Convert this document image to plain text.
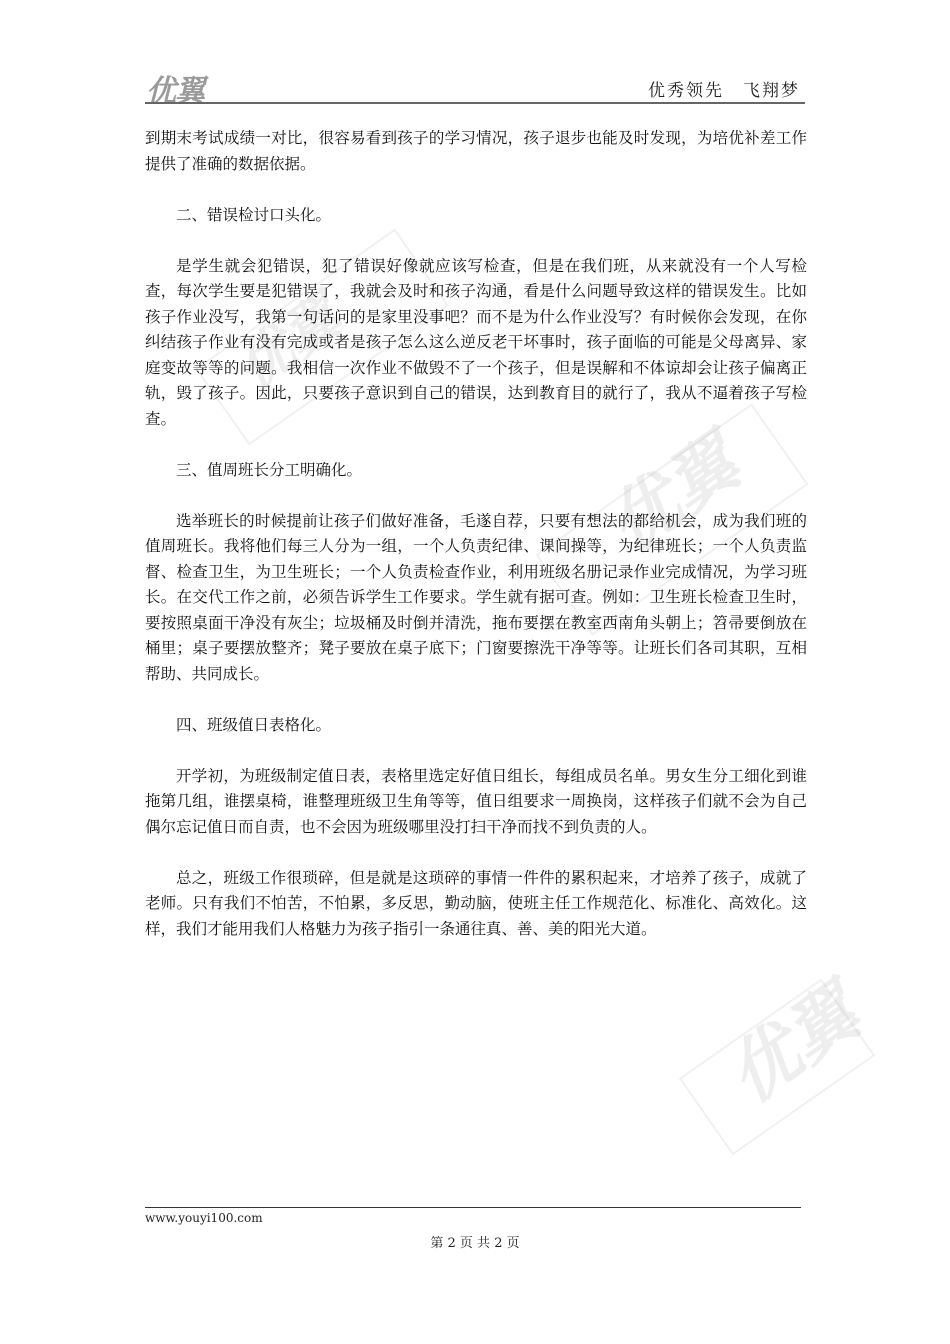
优翼	优秀领先　飞翔梦
优翼
优翼
优翼

到期末考试成绩一对比，很容易看到孩子的学习情况，孩子退步也能及时发现，为培优补差工作提供了准确的数据依据。

二、错误检讨口头化。

是学生就会犯错误，犯了错误好像就应该写检查，但是在我们班，从来就没有一个人写检查，每次学生要是犯错误了，我就会及时和孩子沟通，看是什么问题导致这样的错误发生。比如孩子作业没写，我第一句话问的是家里没事吧？而不是为什么作业没写？有时候你会发现，在你纠结孩子作业有没有完成或者是孩子怎么这么逆反老干坏事时，孩子面临的可能是父母离异、家庭变故等等的问题。我相信一次作业不做毁不了一个孩子，但是误解和不体谅却会让孩子偏离正轨，毁了孩子。因此，只要孩子意识到自己的错误，达到教育目的就行了，我从不逼着孩子写检查。

三、值周班长分工明确化。

选举班长的时候提前让孩子们做好准备，毛遂自荐，只要有想法的都给机会，成为我们班的值周班长。我将他们每三人分为一组，一个人负责纪律、课间操等，为纪律班长；一个人负责监督、检查卫生，为卫生班长；一个人负责检查作业，利用班级名册记录作业完成情况，为学习班长。在交代工作之前，必须告诉学生工作要求。学生就有据可查。例如：卫生班长检查卫生时，要按照桌面干净没有灰尘；垃圾桶及时倒并清洗，拖布要摆在教室西南角头朝上；笤帚要倒放在桶里；桌子要摆放整齐；凳子要放在桌子底下；门窗要擦洗干净等等。让班长们各司其职，互相帮助、共同成长。

四、班级值日表格化。

开学初，为班级制定值日表，表格里选定好值日组长，每组成员名单。男女生分工细化到谁拖第几组，谁摆桌椅，谁整理班级卫生角等等，值日组要求一周换岗，这样孩子们就不会为自己偶尔忘记值日而自责，也不会因为班级哪里没打扫干净而找不到负责的人。

总之，班级工作很琐碎，但是就是这琐碎的事情一件件的累积起来，才培养了孩子，成就了老师。只有我们不怕苦，不怕累，多反思，勤动脑，使班主任工作规范化、标准化、高效化。这样，我们才能用我们人格魅力为孩子指引一条通往真、善、美的阳光大道。

www.youyi100.com
第 2 页 共 2 页
